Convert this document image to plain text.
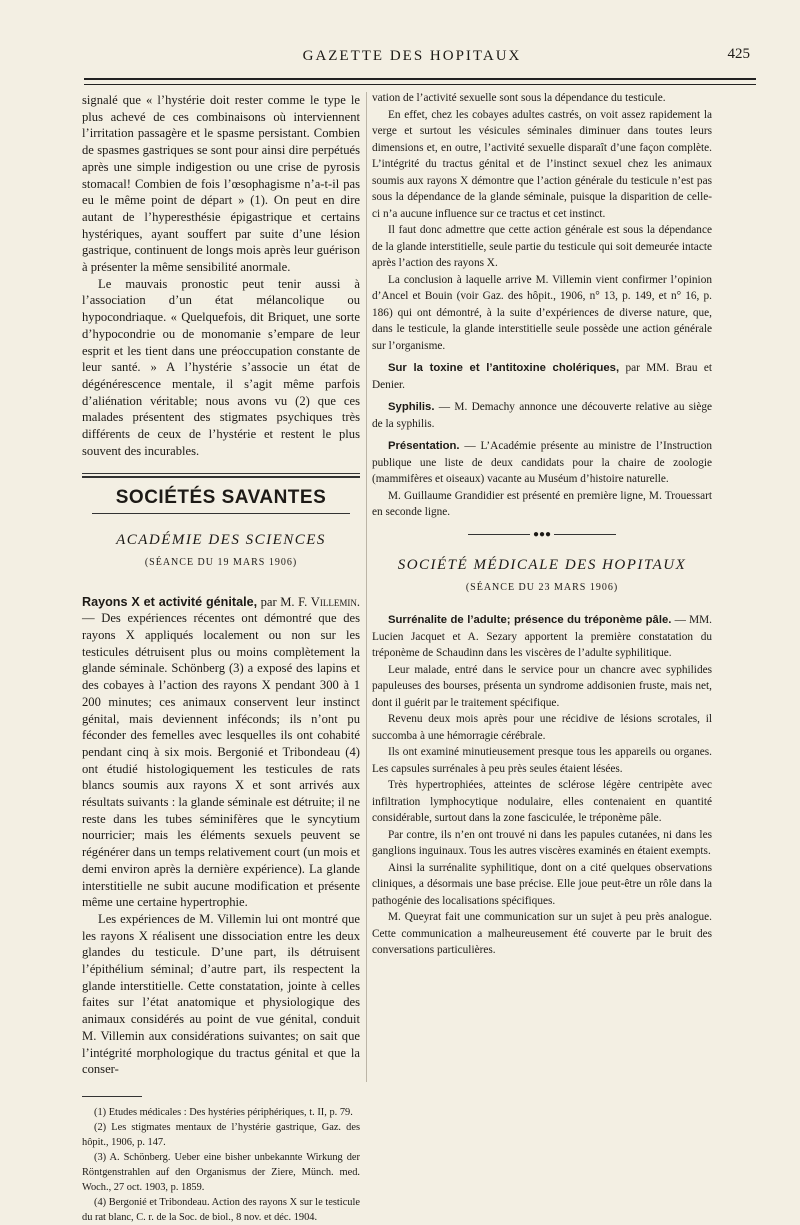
GAZETTE DES HOPITAUX	425

signalé que « l’hystérie doit rester comme le type le plus achevé de ces combinaisons où interviennent l’irritation passagère et le spasme persistant. Combien de spasmes gastriques se sont pour ainsi dire perpétués après une simple indigestion ou une crise de pyrosis stomacal! Combien de fois l’œsophagisme n’a-t-il pas eu le même point de départ » (1). On peut en dire autant de l’hyperesthésie épigastrique et certains hystériques, ayant souffert par suite d’une lésion gastrique, continuent de longs mois après leur guérison à présenter la même sensibilité anormale.

Le mauvais pronostic peut tenir aussi à l’association d’un état mélancolique ou hypocondriaque. « Quelquefois, dit Briquet, une sorte d’hypocondrie ou de monomanie s’empare de leur esprit et les tient dans une préoccupation constante de leur santé. » A l’hystérie s’associe un état de dégénérescence mentale, il s’agit même parfois d’aliénation véritable; nous avons vu (2) que ces malades présentent des stigmates psychiques très différents de ceux de l’hystérie et restent le plus souvent des incurables.

SOCIÉTÉS SAVANTES
ACADÉMIE DES SCIENCES
(SÉANCE DU 19 MARS 1906)

Rayons X et activité génitale, par M. F. Villemin. — Des expériences récentes ont démontré que des rayons X appliqués localement ou non sur les testicules détruisent plus ou moins complètement la glande séminale. Schönberg (3) a exposé des lapins et des cobayes à l’action des rayons X pendant 300 à 1 200 minutes; ces animaux conservent leur instinct génital, mais deviennent inféconds; ils n’ont pu féconder des femelles avec lesquelles ils ont cohabité pendant cinq à six mois. Bergonié et Tribondeau (4) ont étudié histologiquement les testicules de rats blancs soumis aux rayons X et sont arrivés aux résultats suivants : la glande séminale est détruite; il ne reste dans les tubes séminifères que le syncytium nourricier; mais les éléments sexuels peuvent se régénérer dans un temps relativement court (un mois et demi environ après la dernière expérience). La glande interstitielle ne subit aucune modification et présente même une certaine hypertrophie.

Les expériences de M. Villemin lui ont montré que les rayons X réalisent une dissociation entre les deux glandes du testicule. D’une part, ils détruisent l’épithélium séminal; d’autre part, ils respectent la glande interstitielle. Cette constatation, jointe à celles faites sur l’état anatomique et physiologique des animaux considérés au point de vue génital, conduit M. Villemin aux considérations suivantes; on sait que l’intégrité morphologique du tractus génital et que la conser-

(1) Etudes médicales : Des hystéries périphériques, t. II, p. 79.

(2) Les stigmates mentaux de l’hystérie gastrique, Gaz. des hôpit., 1906, p. 147.

(3) A. Schönberg. Ueber eine bisher unbekannte Wirkung der Röntgenstrahlen auf den Organismus der Ziere, Münch. med. Woch., 27 oct. 1903, p. 1859.

(4) Bergonié et Tribondeau. Action des rayons X sur le testicule du rat blanc, C. r. de la Soc. de biol., 8 nov. et déc. 1904.

vation de l’activité sexuelle sont sous la dépendance du testicule.

En effet, chez les cobayes adultes castrés, on voit assez rapidement la verge et surtout les vésicules séminales diminuer dans toutes leurs dimensions et, en outre, l’activité sexuelle disparaît d’une façon complète. L’intégrité du tractus génital et de l’instinct sexuel chez les animaux soumis aux rayons X démontre que l’action générale du testicule n’est pas sous la dépendance de la glande séminale, puisque la disparition de celle-ci n’a aucune influence sur ce tractus et cet instinct.

Il faut donc admettre que cette action générale est sous la dépendance de la glande interstitielle, seule partie du testicule qui soit demeurée intacte après l’action des rayons X.

La conclusion à laquelle arrive M. Villemin vient confirmer l’opinion d’Ancel et Bouin (voir Gaz. des hôpit., 1906, n° 13, p. 149, et n° 16, p. 186) qui ont démontré, à la suite d’expériences de diverse nature, que, dans le testicule, la glande interstitielle seule possède une action générale sur l’organisme.

Sur la toxine et l’antitoxine cholériques, par MM. Brau et Denier.

Syphilis. — M. Demachy annonce une découverte relative au siège de la syphilis.

Présentation. — L’Académie présente au ministre de l’Instruction publique une liste de deux candidats pour la chaire de zoologie (mammifères et oiseaux) vacante au Muséum d’histoire naturelle.

M. Guillaume Grandidier est présenté en première ligne, M. Trouessart en seconde ligne.

●●●
SOCIÉTÉ MÉDICALE DES HOPITAUX
(SÉANCE DU 23 MARS 1906)

Surrénalite de l’adulte; présence du tréponème pâle. — MM. Lucien Jacquet et A. Sezary apportent la première constatation du tréponème de Schaudinn dans les viscères de l’adulte syphilitique.

Leur malade, entré dans le service pour un chancre avec syphilides papuleuses des bourses, présenta un syndrome addisonien fruste, mais net, dont il guérit par le traitement spécifique.

Revenu deux mois après pour une récidive de lésions scrotales, il succomba à une hémorragie cérébrale.

Ils ont examiné minutieusement presque tous les appareils ou organes. Les capsules surrénales à peu près seules étaient lésées.

Très hypertrophiées, atteintes de sclérose légère centripète avec infiltration lymphocytique nodulaire, elles contenaient en quantité considérable, surtout dans la zone fasciculée, le tréponème pâle.

Par contre, ils n’en ont trouvé ni dans les papules cutanées, ni dans les ganglions inguinaux. Tous les autres viscères examinés en étaient exempts.

Ainsi la surrénalite syphilitique, dont on a cité quelques observations cliniques, a désormais une base précise. Elle joue peut-être un rôle dans la pathogénie des localisations spécifiques.

M. Queyrat fait une communication sur un sujet à peu près analogue. Cette communication a malheureusement été couverte par le bruit des conversations particulières.
